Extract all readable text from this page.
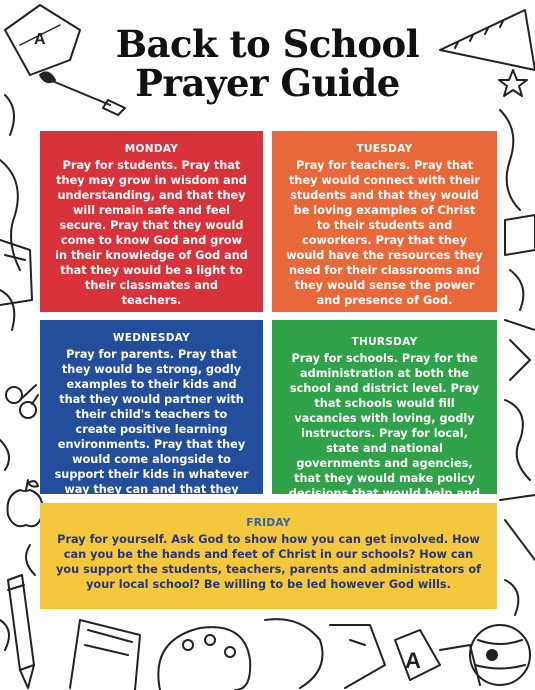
A
A
Back to School
Prayer Guide
MONDAY
Pray for students. Pray that they may grow in wisdom and understanding, and that they will remain safe and feel secure. Pray that they would come to know God and grow in their knowledge of God and that they would be a light to their classmates and teachers.
TUESDAY
Pray for teachers. Pray that they would connect with their students and that they would be loving examples of Christ to their students and coworkers. Pray that they would have the resources they need for their classrooms and they would sense the power and presence of God.
WEDNESDAY
Pray for parents. Pray that they would be strong, godly examples to their kids and that they would partner with their child's teachers to create positive learning environments. Pray that they would come alongside to support their kids in whatever way they can and that they
THURSDAY
Pray for schools. Pray for the administration at both the school and district level. Pray that schools would fill vacancies with loving, godly instructors. Pray for local, state and national governments and agencies, that they would make policy decisions that would help and
FRIDAY
Pray for yourself. Ask God to show how you can get involved. How can you be the hands and feet of Christ in our schools? How can you support the students, teachers, parents and administrators of your local school? Be willing to be led however God wills.
